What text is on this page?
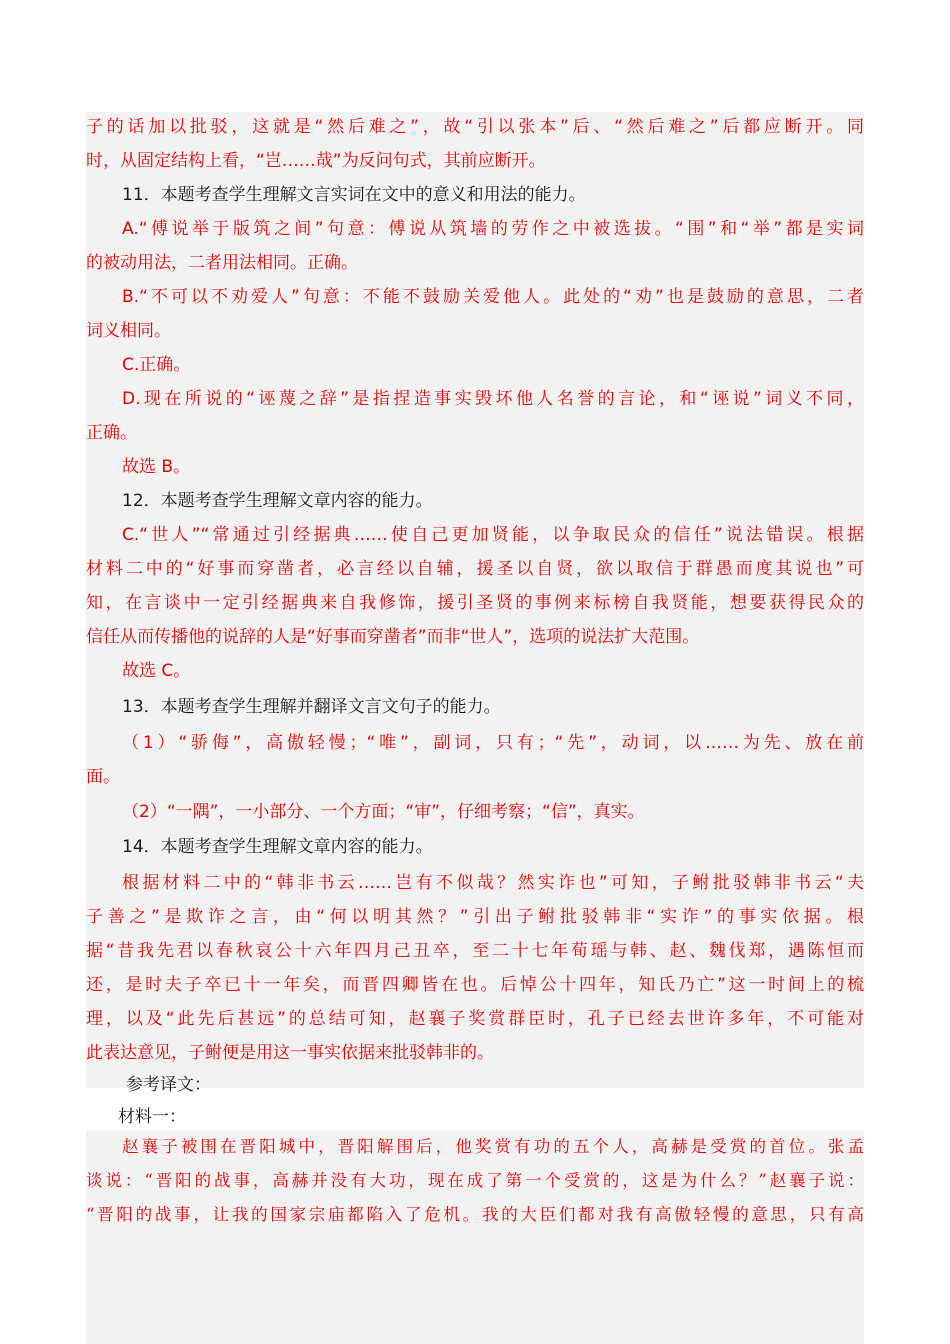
子的话加以批驳，这就是“然后难之”，故“引以张本”后、“然后难之”后都应断开。同
时，从固定结构上看，“岂……哉”为反问句式，其前应断开。
11．本题考查学生理解文言实词在文中的意义和用法的能力。
A.“傅说举于版筑之间”句意：傅说从筑墙的劳作之中被选拔。“围”和“举”都是实词
的被动用法，二者用法相同。正确。
B.“不可以不劝爱人”句意：不能不鼓励关爱他人。此处的“劝”也是鼓励的意思，二者
词义相同。
C.正确。
D.现在所说的“诬蔑之辞”是指捏造事实毁坏他人名誉的言论，和“诬说”词义不同，
正确。
故选 B。
12．本题考查学生理解文章内容的能力。
C.“世人”“常通过引经据典……使自己更加贤能，以争取民众的信任”说法错误。根据
材料二中的“好事而穿凿者，必言经以自辅，援圣以自贤，欲以取信于群愚而度其说也”可
知，在言谈中一定引经据典来自我修饰，援引圣贤的事例来标榜自我贤能，想要获得民众的
信任从而传播他的说辞的人是“好事而穿凿者”而非“世人”，选项的说法扩大范围。
故选 C。
13．本题考查学生理解并翻译文言文句子的能力。
（1）“骄侮”，高傲轻慢；“唯”，副词，只有；“先”，动词，以……为先、放在前
面。
（2）“一隅”，一小部分、一个方面；“审”，仔细考察；“信”，真实。
14．本题考查学生理解文章内容的能力。
根据材料二中的“韩非书云……岂有不似哉？然实诈也”可知，子鲋批驳韩非书云“夫
子善之”是欺诈之言，由“何以明其然？”引出子鲋批驳韩非“实诈”的事实依据。根
据“昔我先君以春秋哀公十六年四月己丑卒，至二十七年荀瑶与韩、赵、魏伐郑，遇陈恒而
还，是时夫子卒已十一年矣，而晋四卿皆在也。后悼公十四年，知氏乃亡”这一时间上的梳
理，以及“此先后甚远”的总结可知，赵襄子奖赏群臣时，孔子已经去世许多年，不可能对
此表达意见，子鲋便是用这一事实依据来批驳韩非的。
参考译文：
材料一：
赵襄子被围在晋阳城中，晋阳解围后，他奖赏有功的五个人，高赫是受赏的首位。张孟
谈说：“晋阳的战事，高赫并没有大功，现在成了第一个受赏的，这是为什么？”赵襄子说：
“晋阳的战事，让我的国家宗庙都陷入了危机。我的大臣们都对我有高傲轻慢的意思，只有高
